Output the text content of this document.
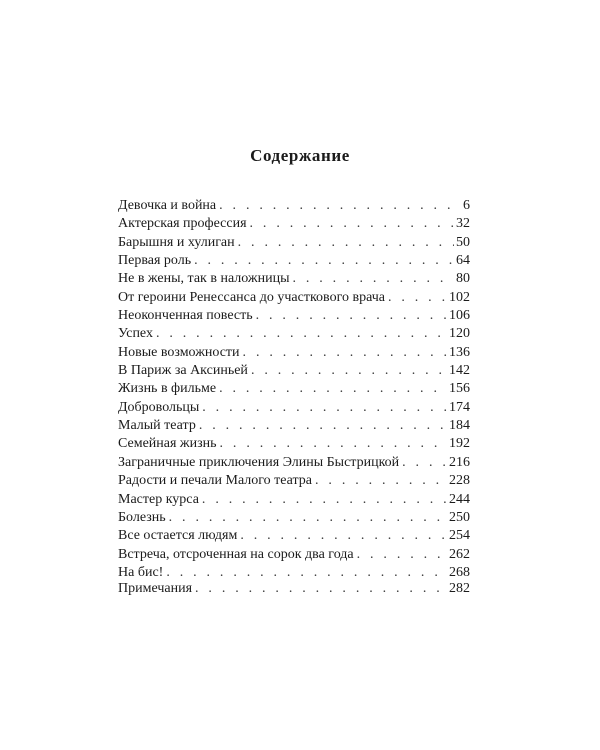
Содержание
Девочка и война . . .	6
Актерская профессия . . .	32
Барышня и хулиган . . .	50
Первая роль . . .	64
Не в жены, так в наложницы . . .	80
От героини Ренессанса до участкового врача . . .	102
Неоконченная повесть . . .	106
Успех . . .	120
Новые возможности . . .	136
В Париж за Аксиньей . . .	142
Жизнь в фильме . . .	156
Добровольцы . . .	174
Малый театр . . .	184
Семейная жизнь . . .	192
Заграничные приключения Элины Быстрицкой . . .	216
Радости и печали Малого театра . . .	228
Мастер курса . . .	244
Болезнь . . .	250
Все остается людям . . .	254
Встреча, отсроченная на сорок два года . . .	262
На бис! . . .	268
Примечания . . .	282
